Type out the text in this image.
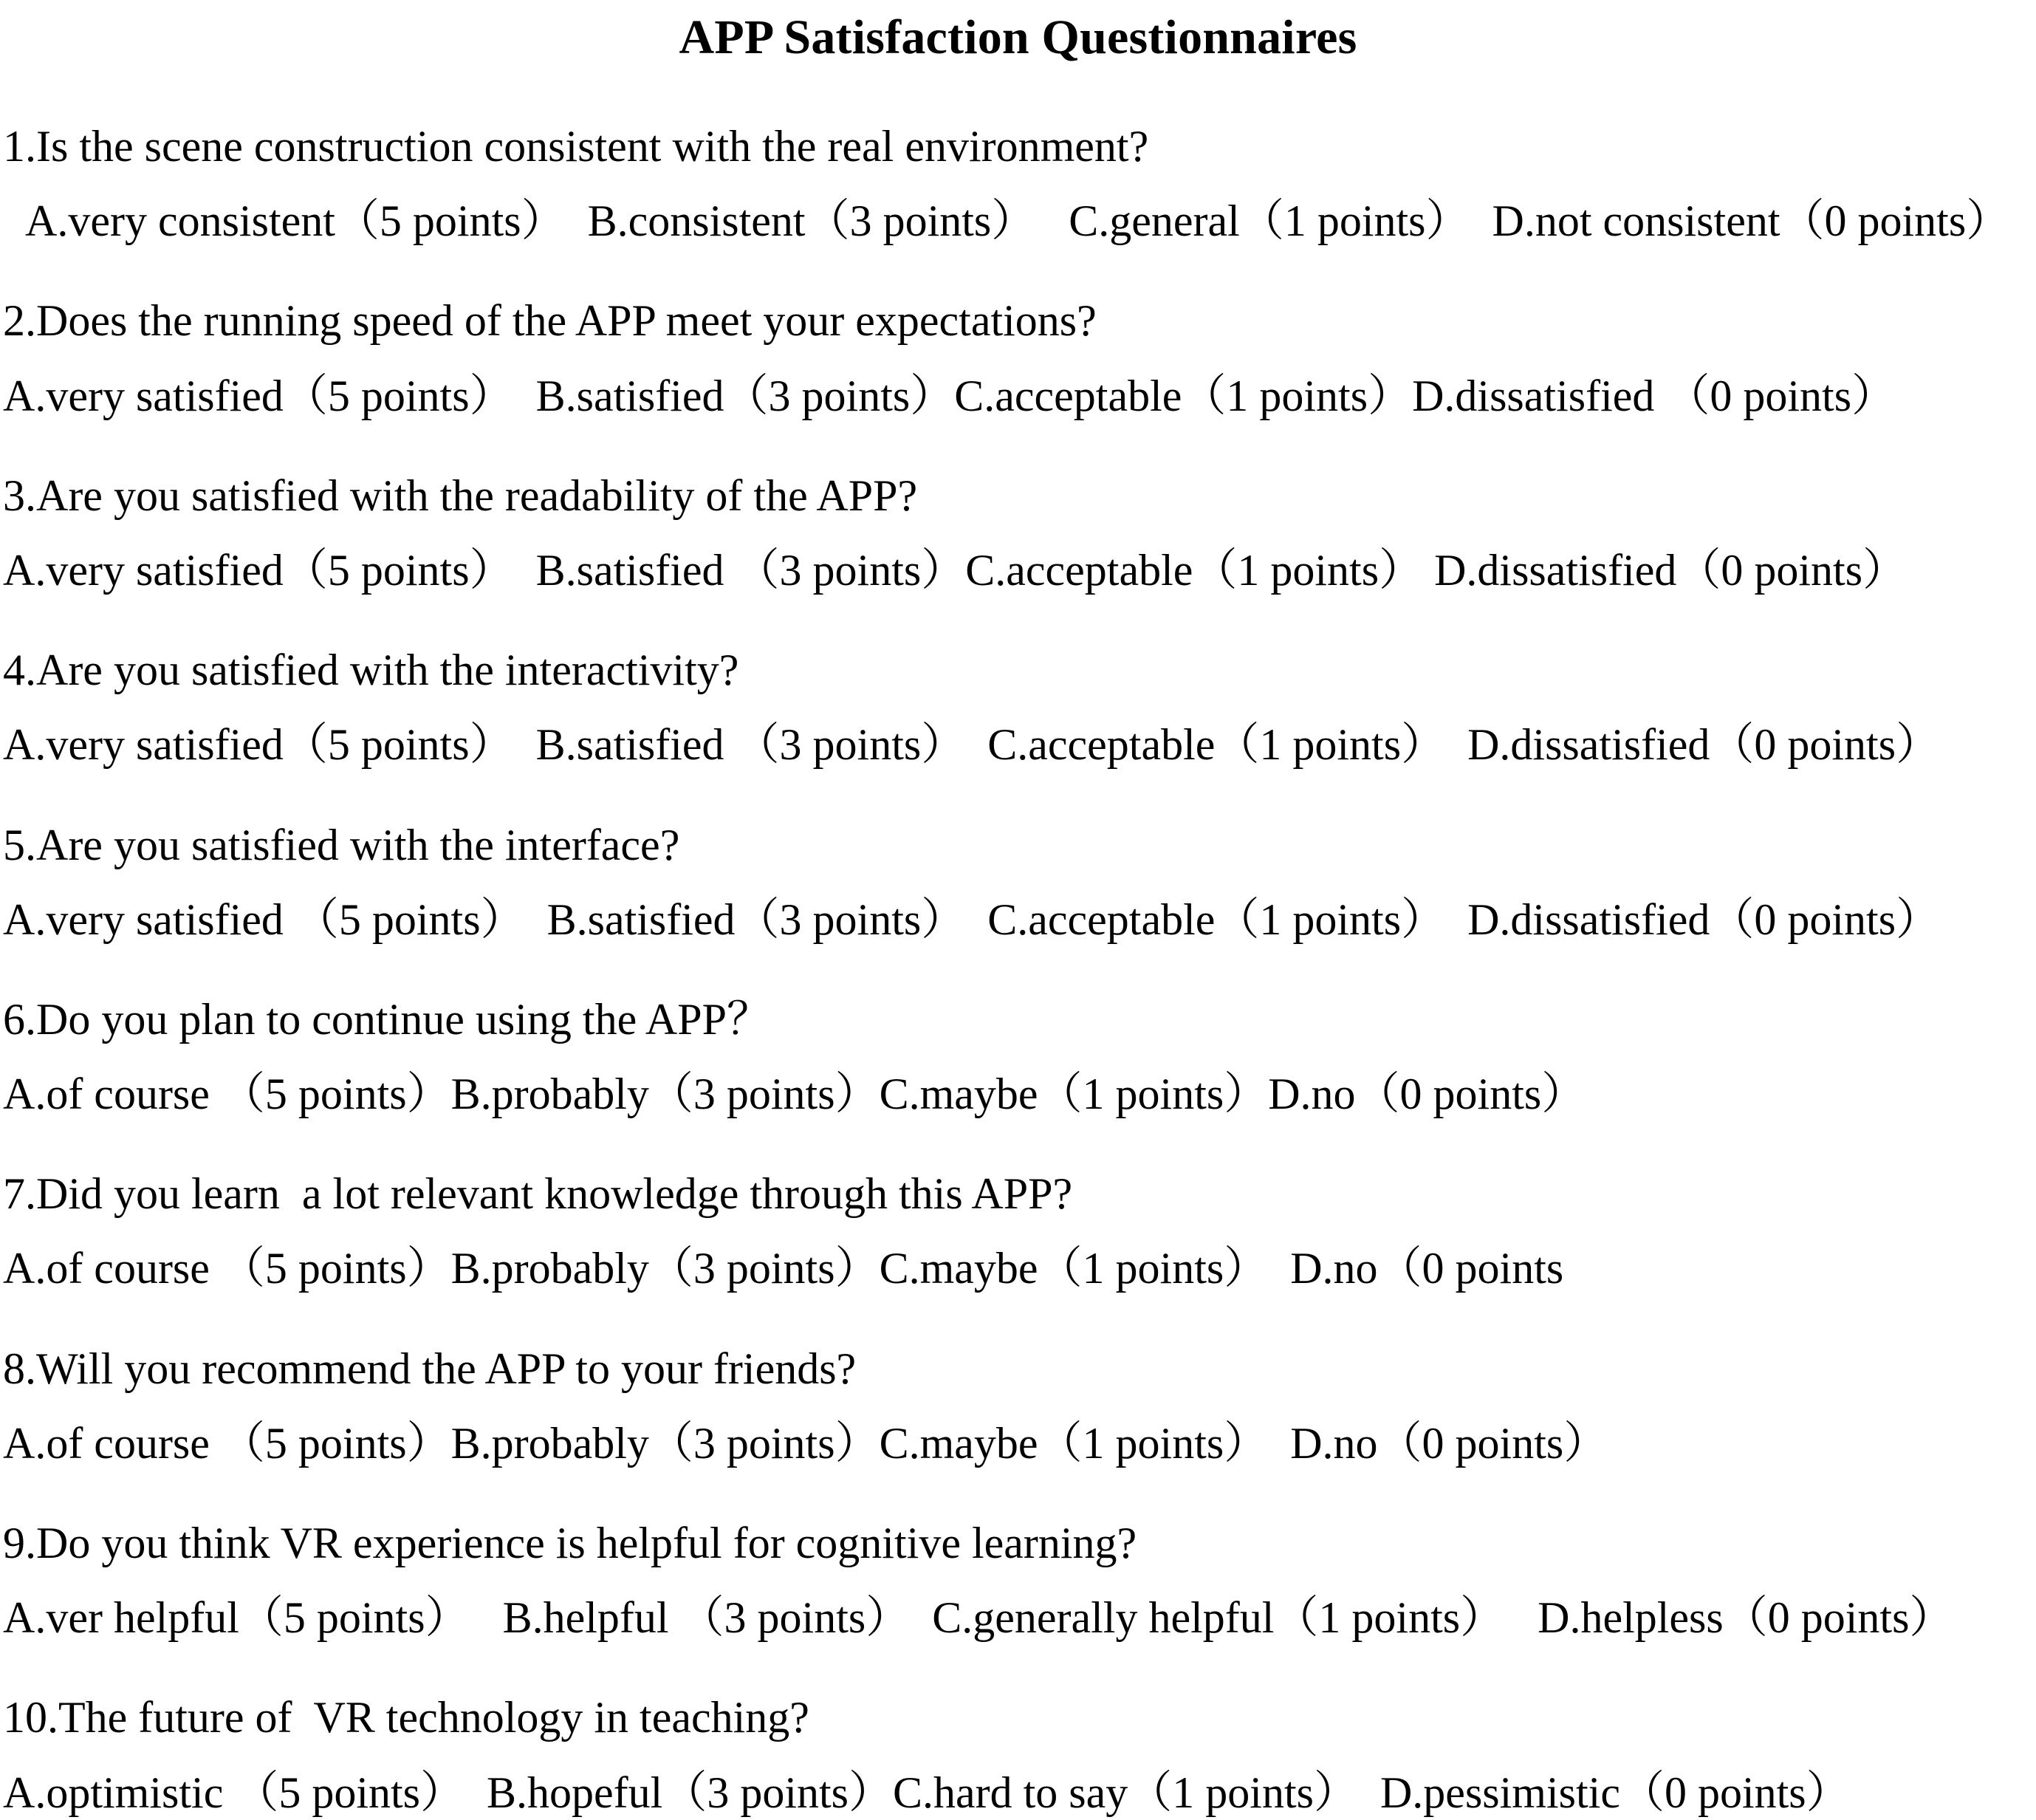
APP Satisfaction Questionnaires
1.Is the scene construction consistent with the real environment?
A.very consistent（5 points）　B.consistent（3 points）　 C.general（1 points）　D.not consistent（0 points）
2.Does the running speed of the APP meet your expectations?
A.very satisfied（5 points）　B.satisfied（3 points）C.acceptable（1 points）D.dissatisfied （0 points）
3.Are you satisfied with the readability of the APP?
A.very satisfied（5 points）　B.satisfied （3 points）C.acceptable（1 points） D.dissatisfied（0 points）
4.Are you satisfied with the interactivity?
A.very satisfied（5 points）　B.satisfied （3 points）　C.acceptable（1 points）　D.dissatisfied（0 points）
5.Are you satisfied with the interface?
A.very satisfied （5 points）　B.satisfied（3 points）　C.acceptable（1 points）　D.dissatisfied（0 points）
6.Do you plan to continue using the APP？
A.of course （5 points）B.probably（3 points）C.maybe（1 points）D.no（0 points）
7.Did you learn  a lot relevant knowledge through this APP?
A.of course （5 points）B.probably（3 points）C.maybe（1 points）　D.no（0 points
8.Will you recommend the APP to your friends?
A.of course （5 points）B.probably（3 points）C.maybe（1 points）　D.no（0 points）
9.Do you think VR experience is helpful for cognitive learning?
A.ver helpful（5 points）　 B.helpful （3 points）　C.generally helpful（1 points）　 D.helpless（0 points）
10.The future of  VR technology in teaching?
A.optimistic （5 points）　B.hopeful（3 points）C.hard to say（1 points）　D.pessimistic（0 points）
